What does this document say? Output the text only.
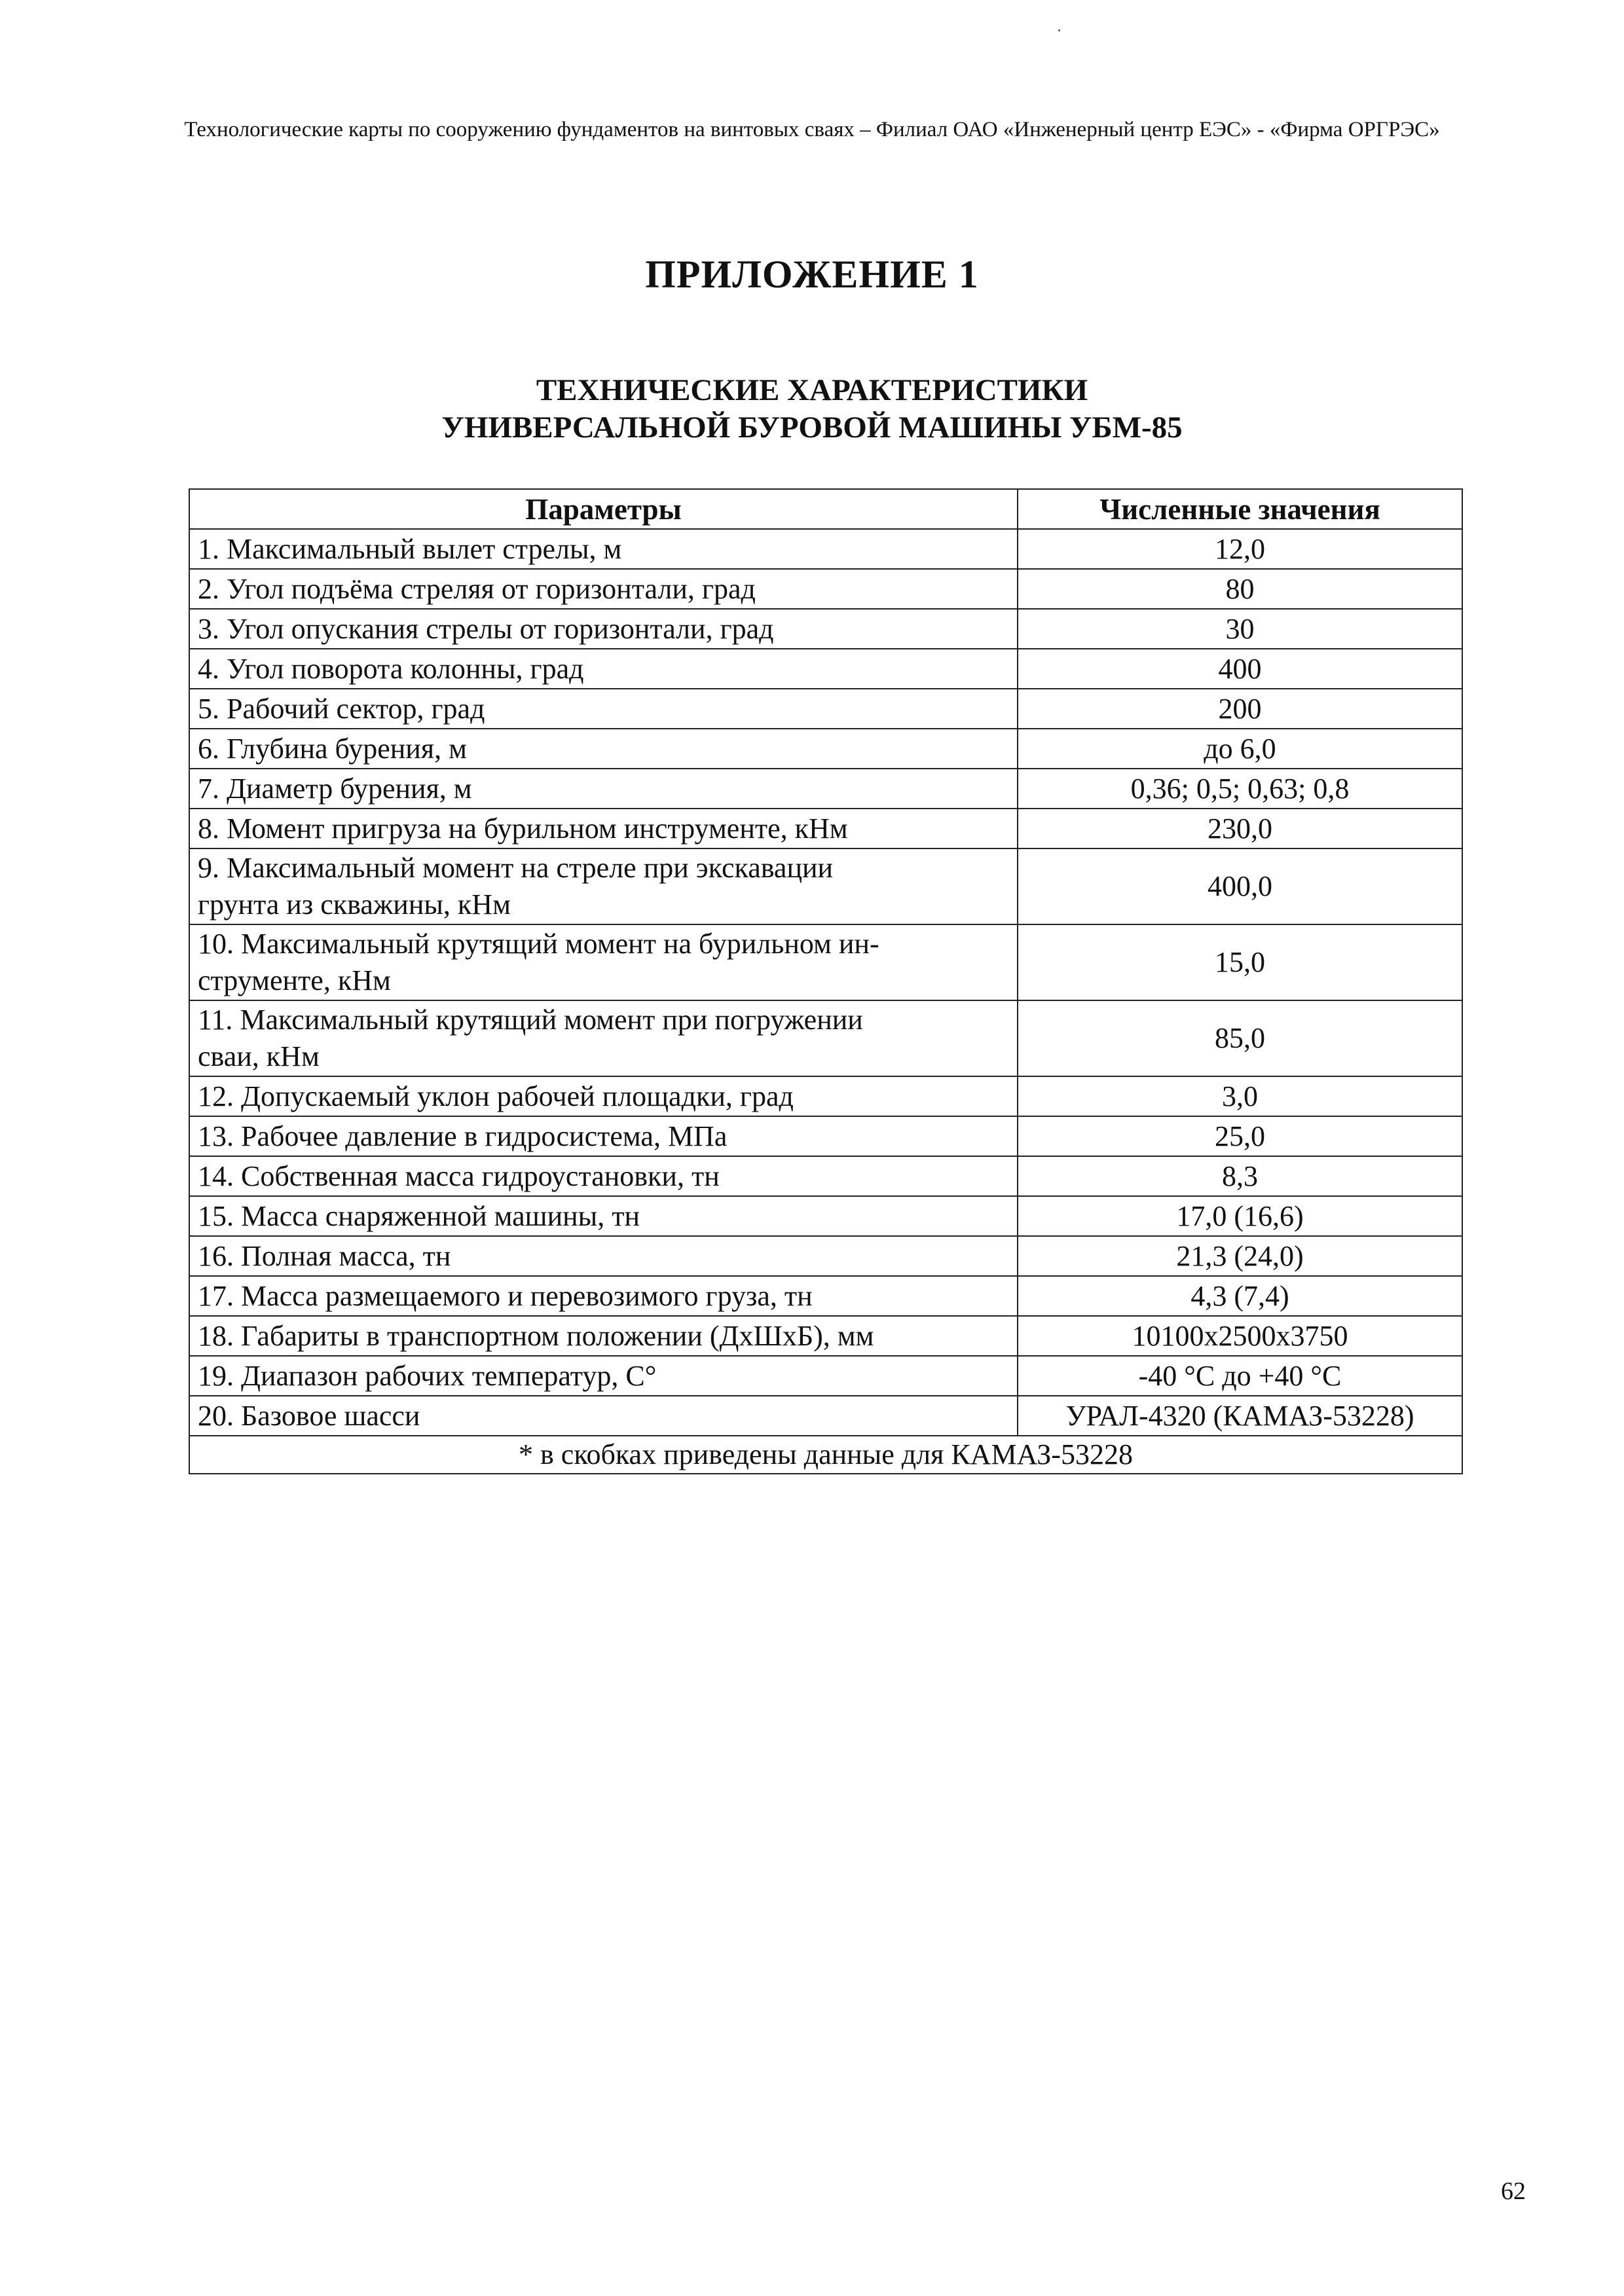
Технологические карты по сооружению фундаментов на винтовых сваях – Филиал ОАО «Инженерный центр ЕЭС» - «Фирма ОРГРЭС»
ПРИЛОЖЕНИЕ 1
ТЕХНИЧЕСКИЕ ХАРАКТЕРИСТИКИ
УНИВЕРСАЛЬНОЙ БУРОВОЙ МАШИНЫ УБМ-85
Параметры	Численные значения
1. Максимальный вылет стрелы, м	12,0
2. Угол подъёма стреляя от горизонтали, град	80
3. Угол опускания стрелы от горизонтали, град	30
4. Угол поворота колонны, град	400
5. Рабочий сектор, град	200
6. Глубина бурения, м	до 6,0
7. Диаметр бурения, м	0,36; 0,5; 0,63; 0,8
8. Момент пригруза на бурильном инструменте, кНм	230,0

9. Максимальный момент на стреле при экскавации
грунта из скважины, кНм	400,0

10. Максимальный крутящий момент на бурильном ин-
струменте, кНм	15,0

11. Максимальный крутящий момент при погружении
сваи, кНм	85,0
12. Допускаемый уклон рабочей площадки, град	3,0
13. Рабочее давление в гидросистема, МПа	25,0
14. Собственная масса гидроустановки, тн	8,3
15. Масса снаряженной машины, тн	17,0 (16,6)
16. Полная масса, тн	21,3 (24,0)
17. Масса размещаемого и перевозимого груза, тн	4,3 (7,4)
18. Габариты в транспортном положении (ДхШхБ), мм	10100х2500х3750
19. Диапазон рабочих температур, С°	-40 °С до +40 °С
20. Базовое шасси	УРАЛ-4320 (КАМАЗ-53228)
* в скобках приведены данные для КАМАЗ-53228	
62
